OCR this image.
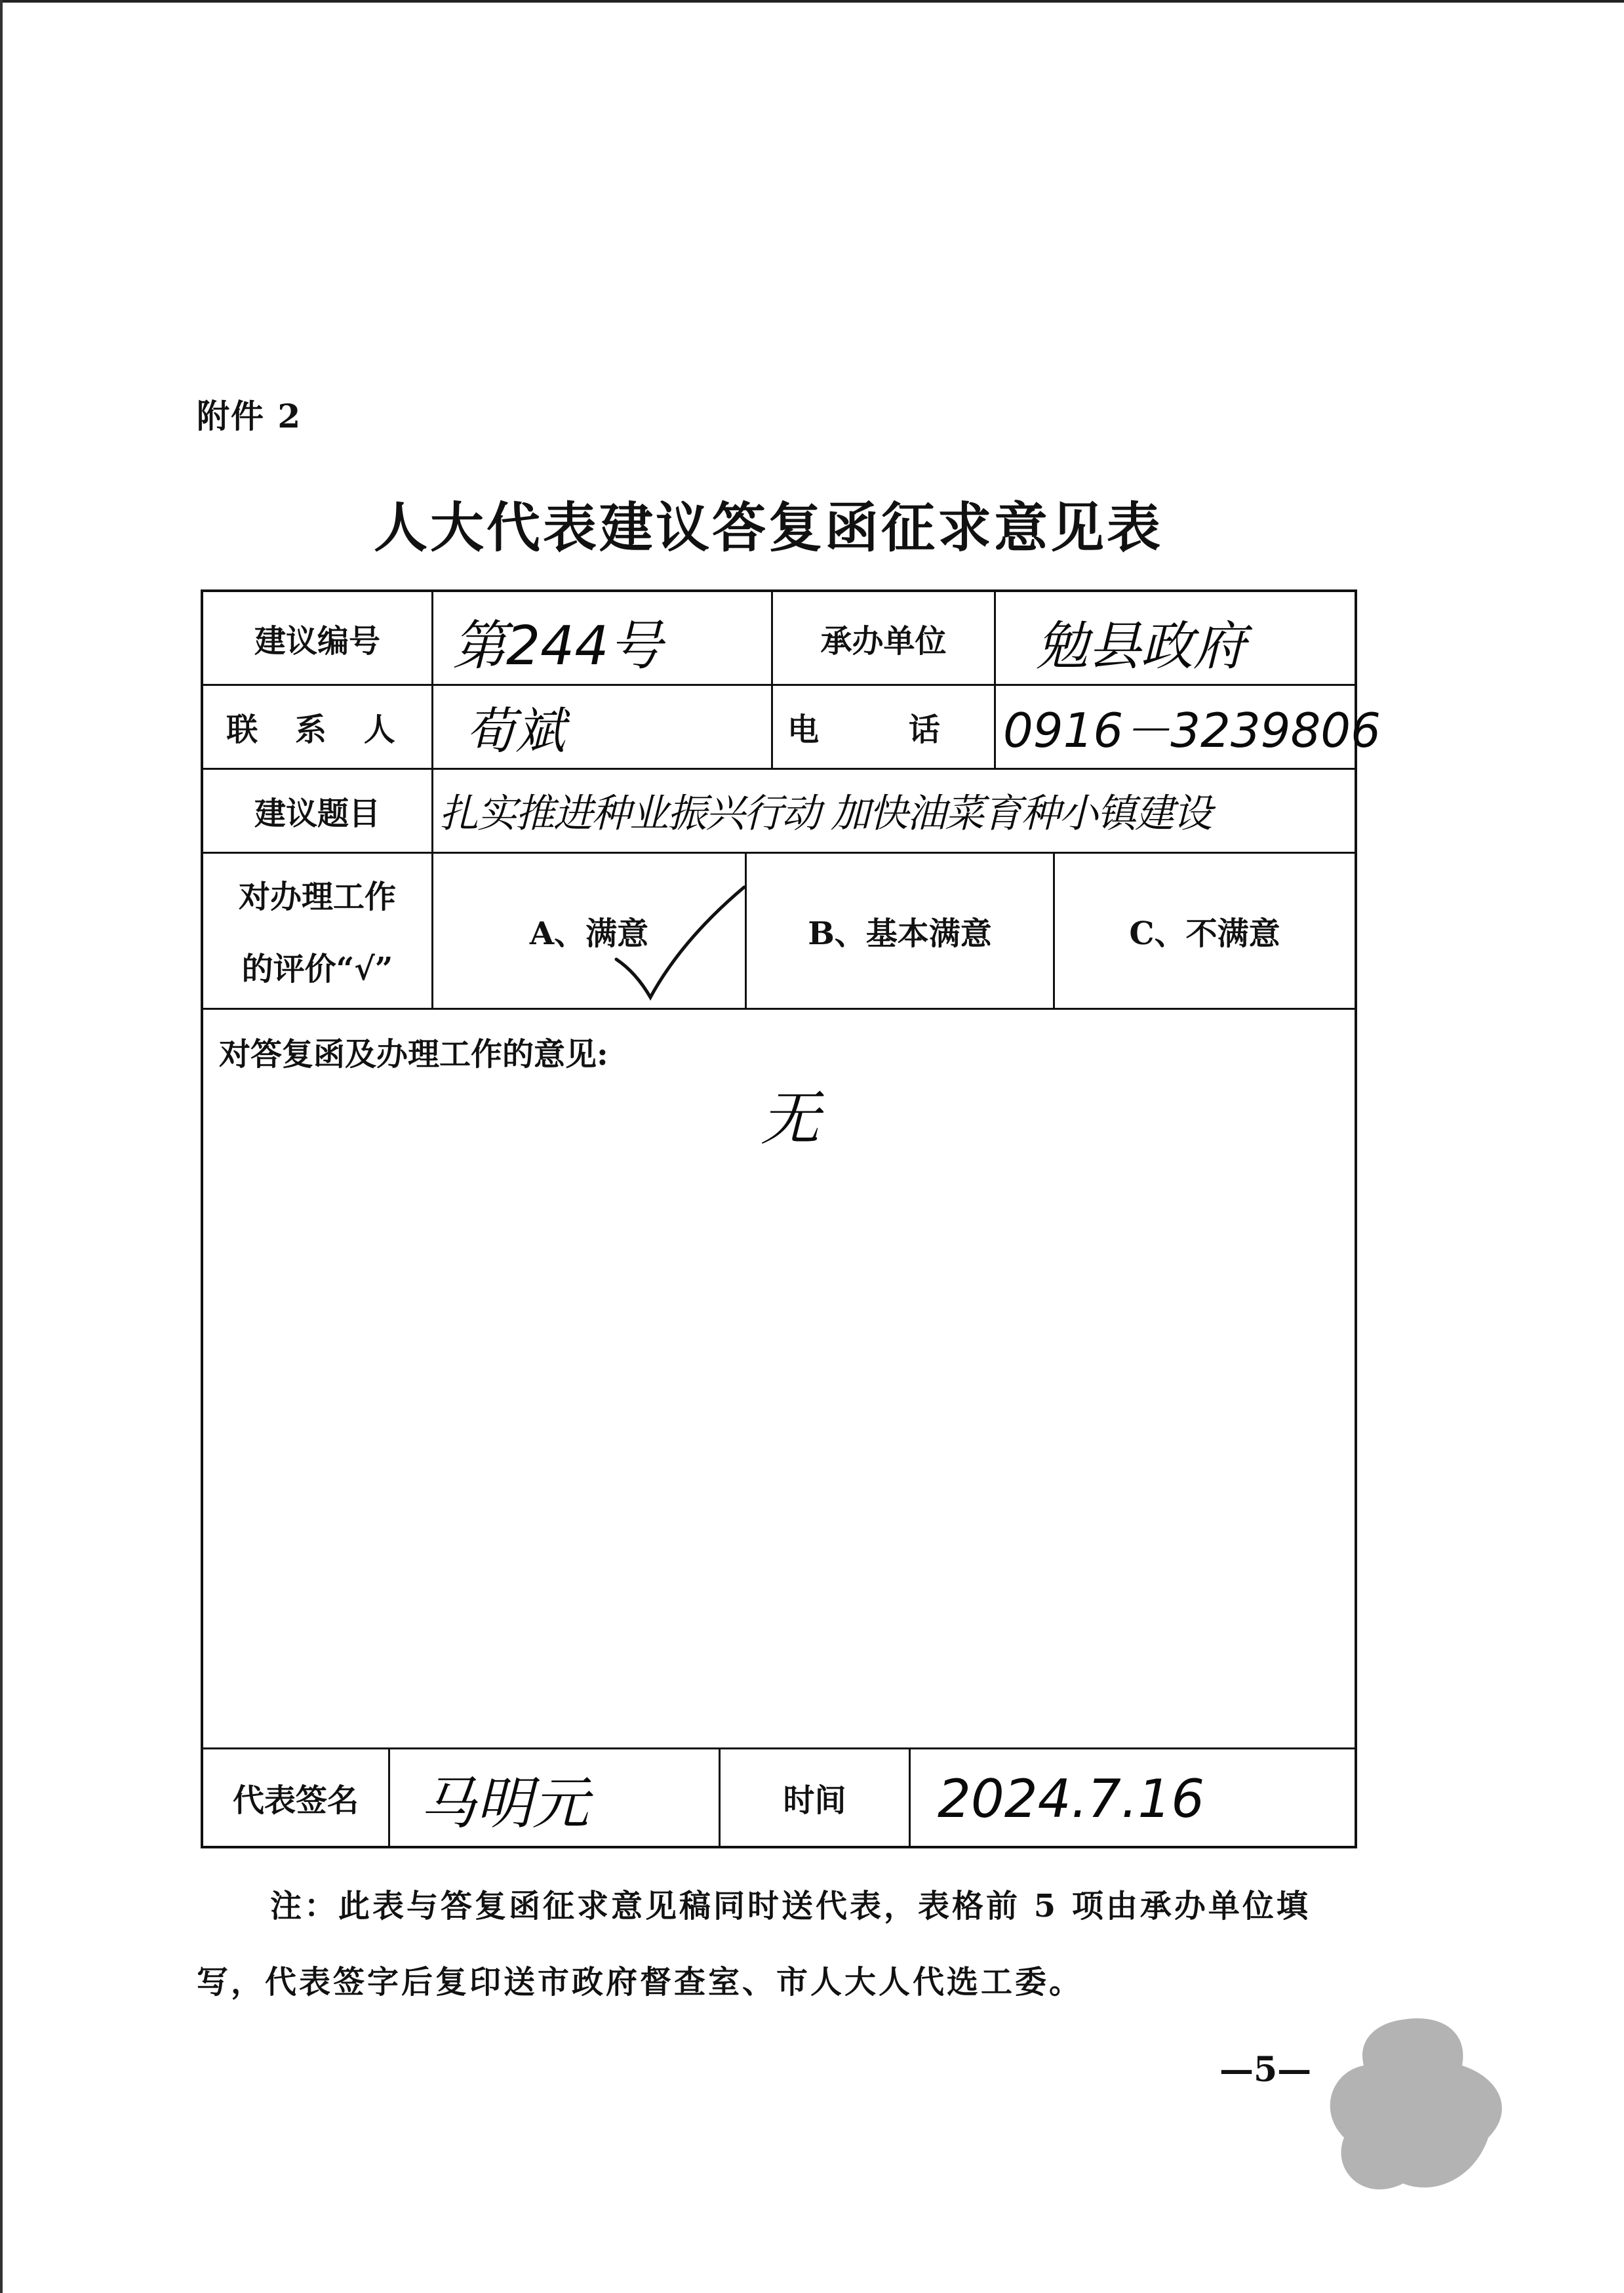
附件 2
人大代表建议答复函征求意见表
建议编号	第244号	承办单位	勉县政府
联 系 人	荀斌	电 话 0916－3239806
建议题目	扎实推进种业振兴行动 加快油菜育种小镇建设
对办理工作
的评价“√”
A、满意	B、基本满意	C、不满意
对答复函及办理工作的意见:
无
代表签名	马明元	时间	2024.7.16
注：此表与答复函征求意见稿同时送代表，表格前 5 项由承办单位填
写，代表签字后复印送市政府督查室、市人大人代选工委。
—5—
